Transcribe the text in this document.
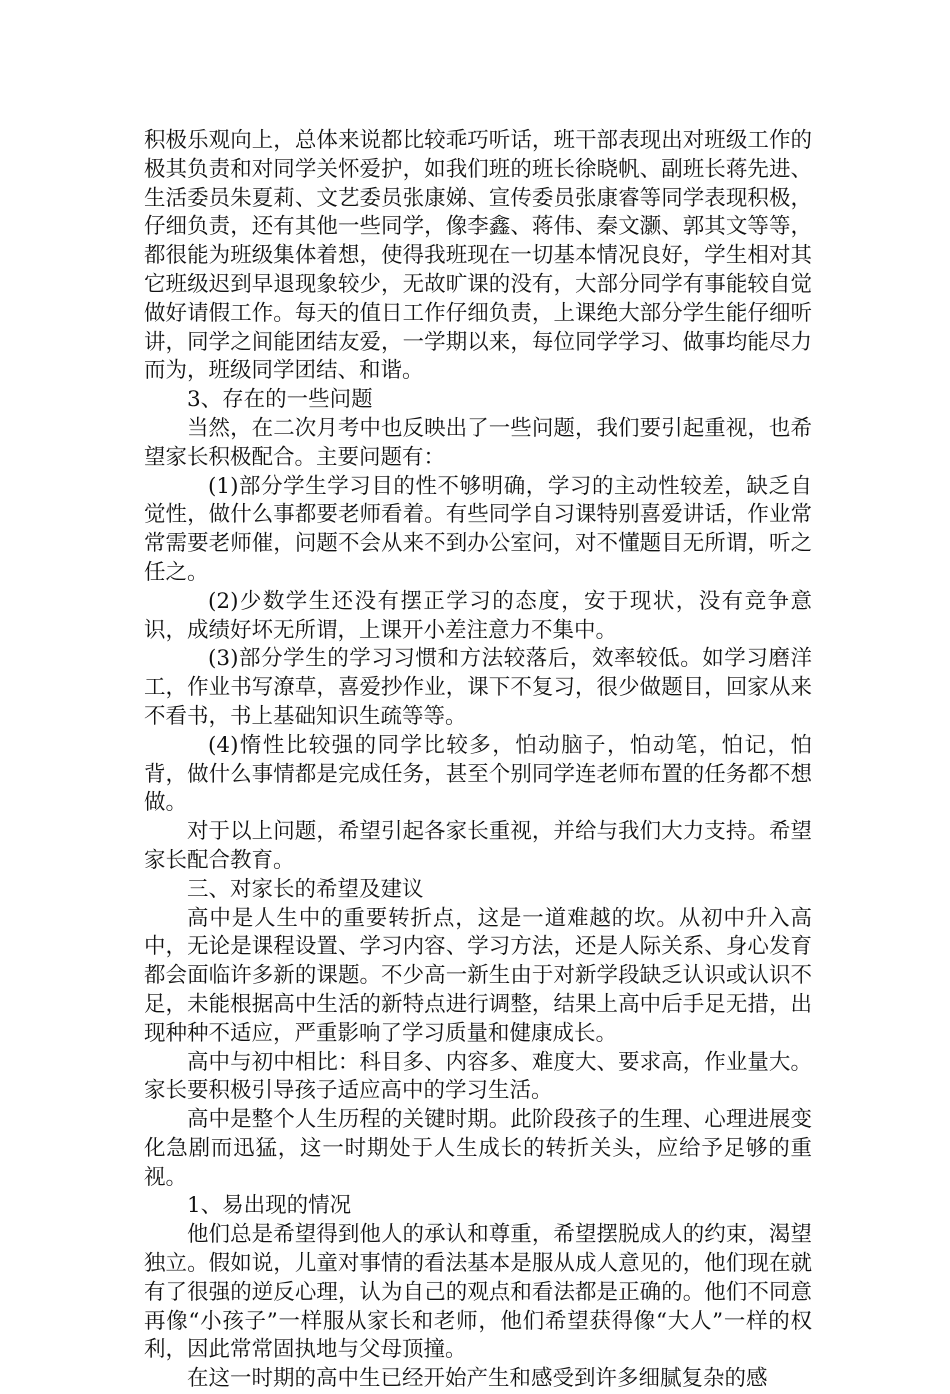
积极乐观向上，总体来说都比较乖巧听话，班干部表现出对班级工作的极其负责和对同学关怀爱护，如我们班的班长徐晓帆、副班长蒋先进、生活委员朱夏莉、文艺委员张康娣、宣传委员张康睿等同学表现积极，仔细负责，还有其他一些同学，像李鑫、蒋伟、秦文灏、郭其文等等，都很能为班级集体着想，使得我班现在一切基本情况良好，学生相对其它班级迟到早退现象较少，无故旷课的没有，大部分同学有事能较自觉做好请假工作。每天的值日工作仔细负责，上课绝大部分学生能仔细听讲，同学之间能团结友爱，一学期以来，每位同学学习、做事均能尽力而为，班级同学团结、和谐。

3、存在的一些问题

当然，在二次月考中也反映出了一些问题，我们要引起重视，也希望家长积极配合。主要问题有：

(1)部分学生学习目的性不够明确，学习的主动性较差，缺乏自觉性，做什么事都要老师看着。有些同学自习课特别喜爱讲话，作业常常需要老师催，问题不会从来不到办公室问，对不懂题目无所谓，听之任之。

(2)少数学生还没有摆正学习的态度，安于现状，没有竞争意识，成绩好坏无所谓，上课开小差注意力不集中。

(3)部分学生的学习习惯和方法较落后，效率较低。如学习磨洋工，作业书写潦草，喜爱抄作业，课下不复习，很少做题目，回家从来不看书，书上基础知识生疏等等。

(4)惰性比较强的同学比较多，怕动脑子，怕动笔，怕记，怕背，做什么事情都是完成任务，甚至个别同学连老师布置的任务都不想做。

对于以上问题，希望引起各家长重视，并给与我们大力支持。希望家长配合教育。

三、对家长的希望及建议

高中是人生中的重要转折点，这是一道难越的坎。从初中升入高中，无论是课程设置、学习内容、学习方法，还是人际关系、身心发育都会面临许多新的课题。不少高一新生由于对新学段缺乏认识或认识不足，未能根据高中生活的新特点进行调整，结果上高中后手足无措，出现种种不适应，严重影响了学习质量和健康成长。

高中与初中相比：科目多、内容多、难度大、要求高，作业量大。家长要积极引导孩子适应高中的学习生活。

高中是整个人生历程的关键时期。此阶段孩子的生理、心理进展变化急剧而迅猛，这一时期处于人生成长的转折关头，应给予足够的重视。

1、易出现的情况

他们总是希望得到他人的承认和尊重，希望摆脱成人的约束，渴望独立。假如说，儿童对事情的看法基本是服从成人意见的，他们现在就有了很强的逆反心理，认为自己的观点和看法都是正确的。他们不同意再像“小孩子”一样服从家长和老师，他们希望获得像“大人”一样的权利，因此常常固执地与父母顶撞。

在这一时期的高中生已经开始产生和感受到许多细腻复杂的感
